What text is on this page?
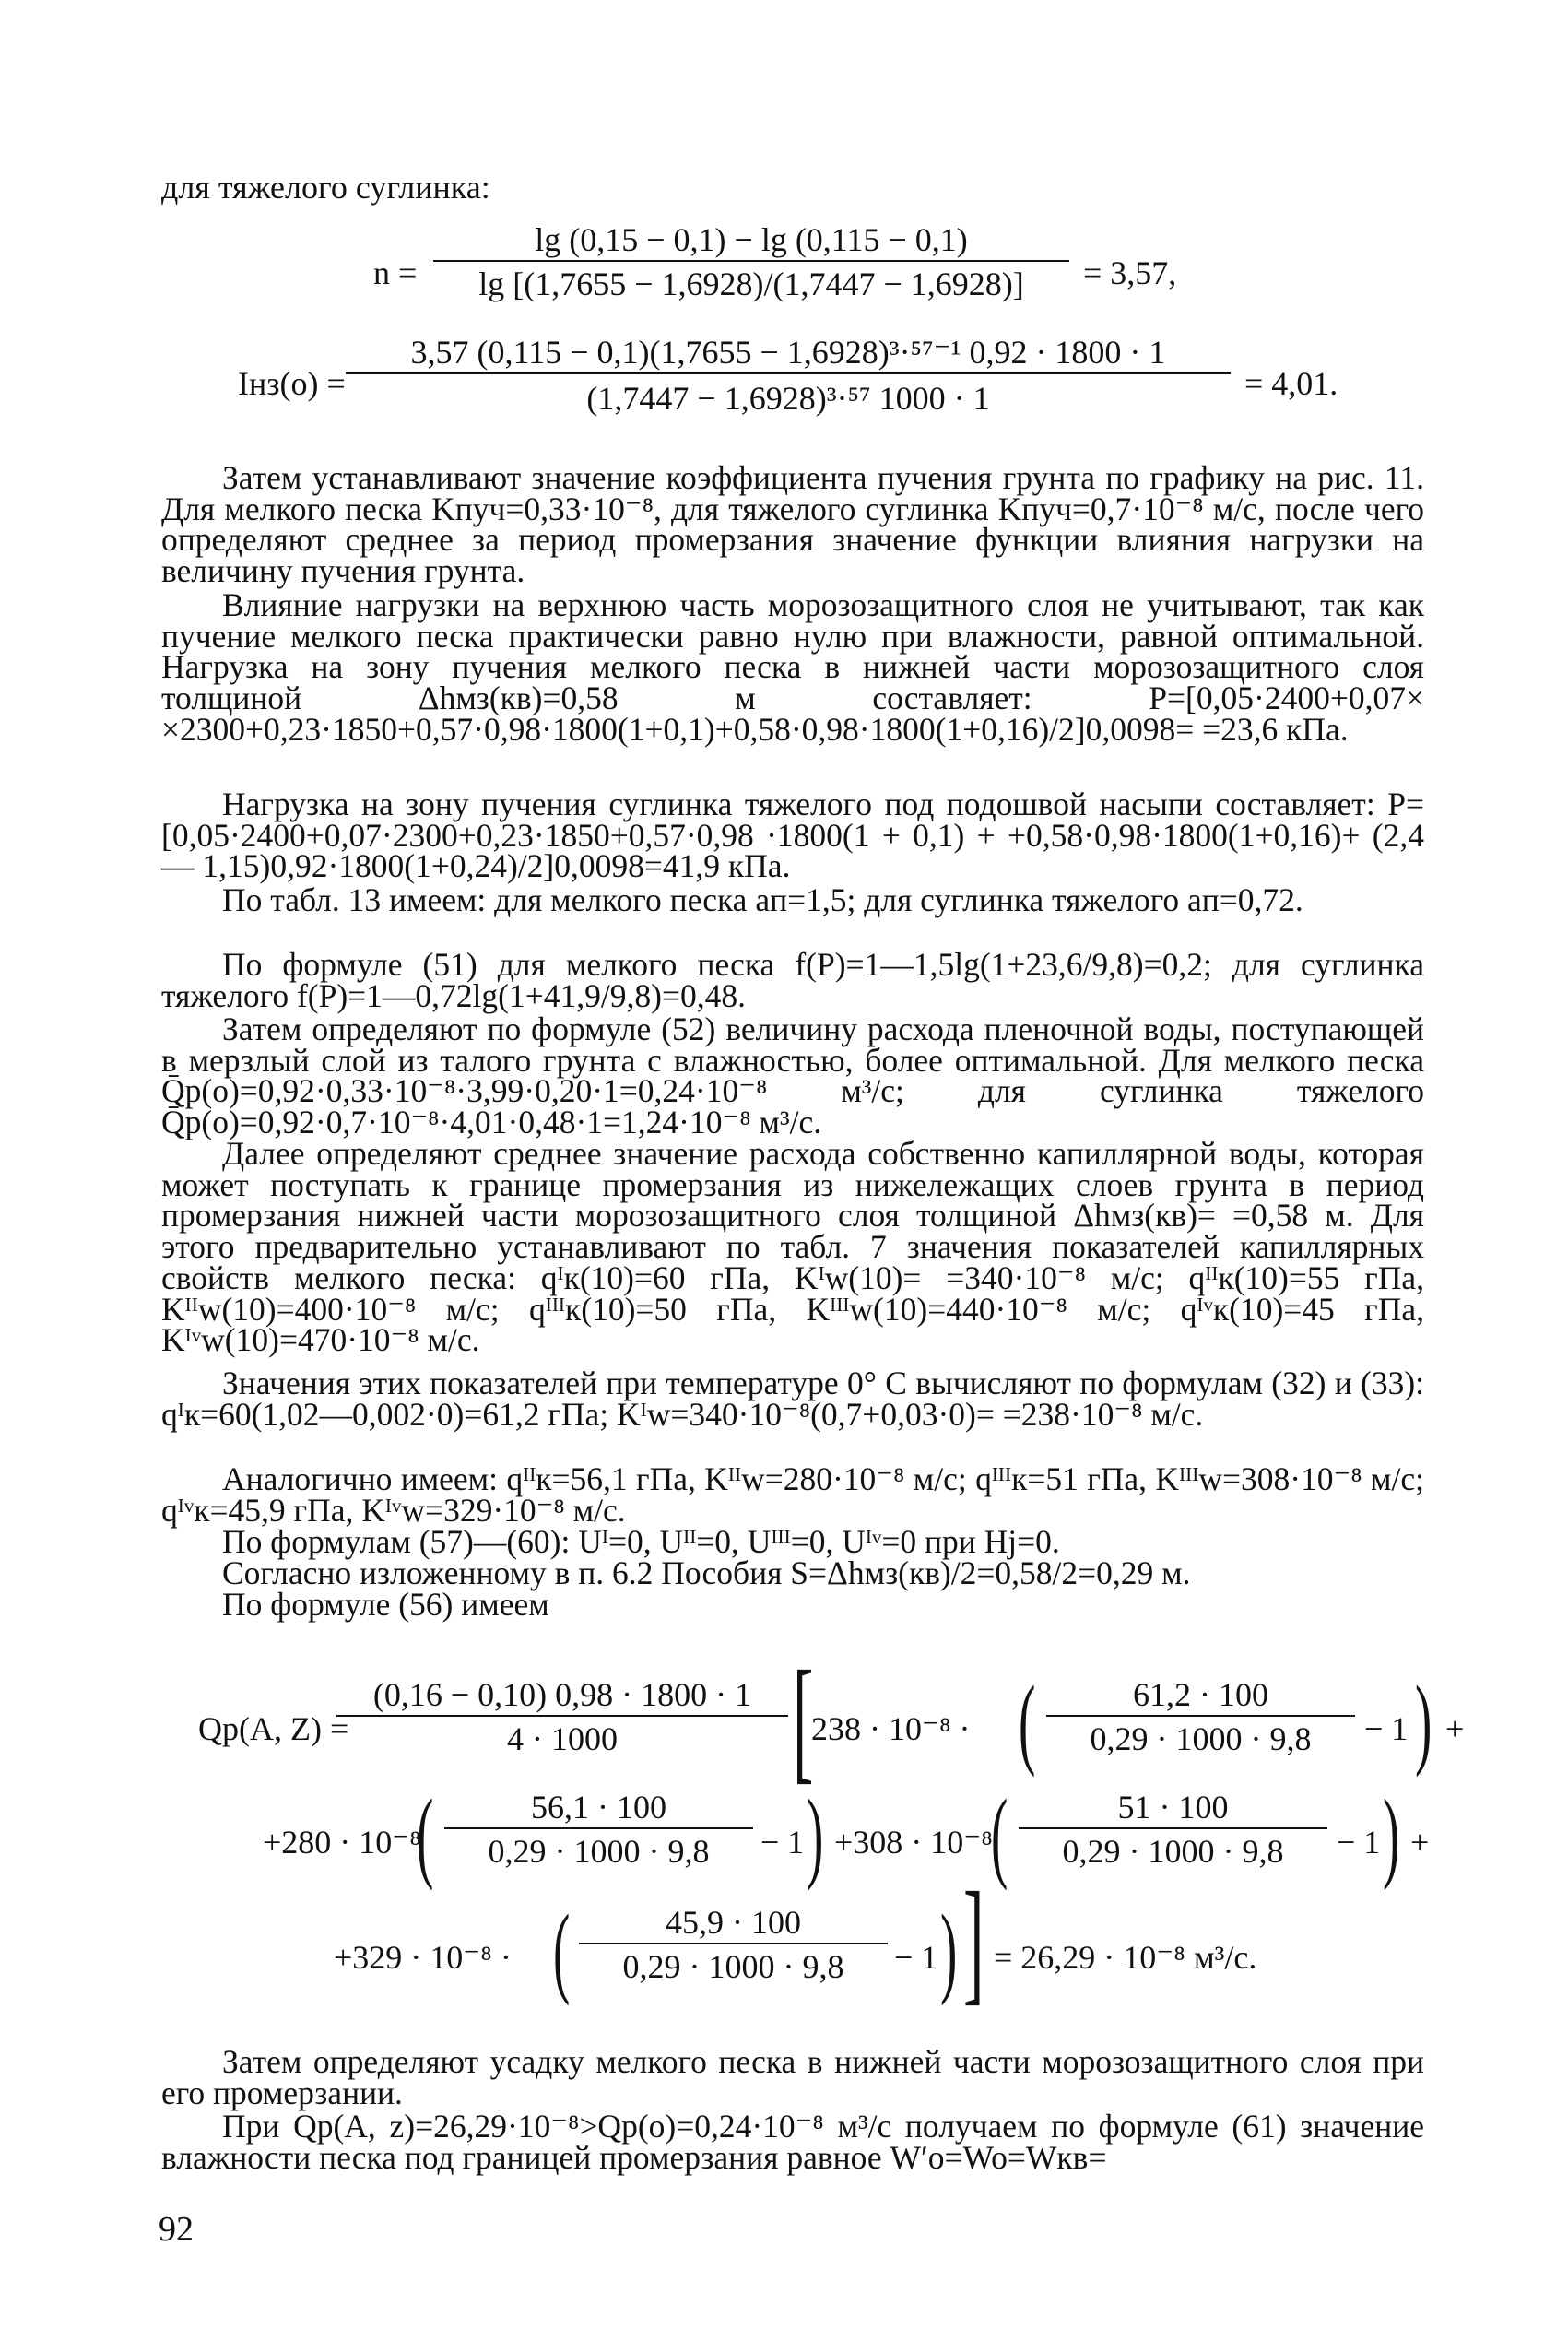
для тяжелого суглинка:

n =
lg (0,15 − 0,1) − lg (0,115 − 0,1)
lg [(1,7655 − 1,6928)/(1,7447 − 1,6928)]	= 3,57,
Iнз(о) =
3,57 (0,115 − 0,1)(1,7655 − 1,6928)³·⁵⁷⁻¹ 0,92 · 1800 · 1
(1,7447 − 1,6928)³·⁵⁷ 1000 · 1	= 4,01.

Затем устанавливают значение коэффициента пучения грунта по графику на рис. 11. Для мелкого песка Kпуч=0,33·10⁻⁸, для тяжелого суглинка Kпуч=0,7·10⁻⁸ м/с, после чего определяют среднее за период промерзания значение функции влияния нагрузки на величину пучения грунта.

Влияние нагрузки на верхнюю часть морозозащитного слоя не учитывают, так как пучение мелкого песка практически равно нулю при влажности, равной оптимальной. Нагрузка на зону пучения мелкого песка в нижней части морозозащитного слоя толщиной Δhмз(кв)=0,58 м составляет: P=[0,05·2400+0,07× ×2300+0,23·1850+0,57·0,98·1800(1+0,1)+0,58·0,98·1800(1+0,16)/2]0,0098= =23,6 кПа.

Нагрузка на зону пучения суглинка тяжелого под подошвой насыпи составляет: P=[0,05·2400+0,07·2300+0,23·1850+0,57·0,98 ·1800(1 + 0,1) + +0,58·0,98·1800(1+0,16)+ (2,4 — 1,15)0,92·1800(1+0,24)/2]0,0098=41,9 кПа.

По табл. 13 имеем: для мелкого песка aп=1,5; для суглинка тяжелого aп=0,72.

По формуле (51) для мелкого песка f(P)=1—1,5lg(1+23,6/9,8)=0,2; для суглинка тяжелого f(P)=1—0,72lg(1+41,9/9,8)=0,48.

Затем определяют по формуле (52) величину расхода пленочной воды, поступающей в мерзлый слой из талого грунта с влажностью, более оптимальной. Для мелкого песка Q̄p(o)=0,92·0,33·10⁻⁸·3,99·0,20·1=0,24·10⁻⁸ м³/с; для суглинка тяжелого Q̄p(o)=0,92·0,7·10⁻⁸·4,01·0,48·1=1,24·10⁻⁸ м³/с.

Далее определяют среднее значение расхода собственно капиллярной воды, которая может поступать к границе промерзания из нижележащих слоев грунта в период промерзания нижней части морозозащитного слоя толщиной Δhмз(кв)= =0,58 м. Для этого предварительно устанавливают по табл. 7 значения показателей капиллярных свойств мелкого песка: qᴵк(10)=60 гПа, Kᴵw(10)= =340·10⁻⁸ м/с; qᴵᴵк(10)=55 гПа, Kᴵᴵw(10)=400·10⁻⁸ м/с; qᴵᴵᴵк(10)=50 гПа, Kᴵᴵᴵw(10)=440·10⁻⁸ м/с; qᴵᵛк(10)=45 гПа, Kᴵᵛw(10)=470·10⁻⁸ м/с.

Значения этих показателей при температуре 0° C вычисляют по формулам (32) и (33): qᴵк=60(1,02—0,002·0)=61,2 гПа; Kᴵw=340·10⁻⁸(0,7+0,03·0)= =238·10⁻⁸ м/с.

Аналогично имеем: qᴵᴵк=56,1 гПа, Kᴵᴵw=280·10⁻⁸ м/с; qᴵᴵᴵк=51 гПа, Kᴵᴵᴵw=308·10⁻⁸ м/с; qᴵᵛк=45,9 гПа, Kᴵᵛw=329·10⁻⁸ м/с.

По формулам (57)—(60): Uᴵ=0, Uᴵᴵ=0, Uᴵᴵᴵ=0, Uᴵᵛ=0 при Hj=0.

Согласно изложенному в п. 6.2 Пособия S=Δhмз(кв)/2=0,58/2=0,29 м.

По формуле (56) имеем

Qp(A, Z) =
(0,16 − 0,10) 0,98 · 1800 · 1
4 · 1000	[
238 · 10⁻⁸ · (	61,2 · 100
0,29 · 1000 · 9,8	− 1 ) +
+280 · 10⁻⁸
(	56,1 · 100
0,29 · 1000 · 9,8	− 1 ) +308 · 10⁻⁸
(	51 · 100
0,29 · 1000 · 9,8	− 1 ) +
+329 · 10⁻⁸ · (	45,9 · 100
0,29 · 1000 · 9,8	− 1 ) ] = 26,29 · 10⁻⁸ м³/с.

Затем определяют усадку мелкого песка в нижней части морозозащитного слоя при его промерзании.

При Qp(A, z)=26,29·10⁻⁸>Qp(o)=0,24·10⁻⁸ м³/с получаем по формуле (61) значение влажности песка под границей промерзания равное W′o=Wo=Wкв=

92
